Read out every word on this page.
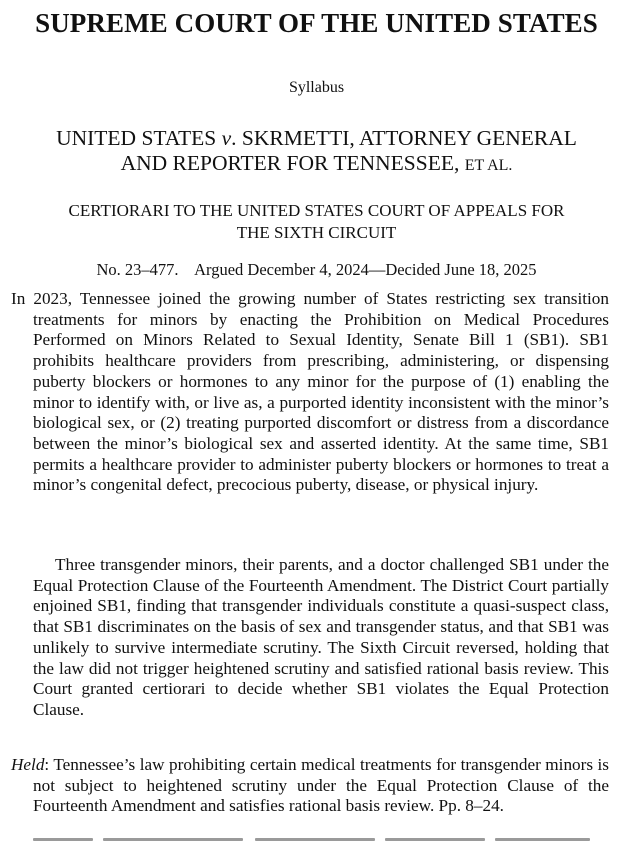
SUPREME COURT OF THE UNITED STATES
Syllabus
UNITED STATES v. SKRMETTI, ATTORNEY GENERAL
AND REPORTER FOR TENNESSEE, ET AL.
CERTIORARI TO THE UNITED STATES COURT OF APPEALS FOR
THE SIXTH CIRCUIT
No. 23–477. Argued December 4, 2024—Decided June 18, 2025
In 2023, Tennessee joined the growing number of States restricting sex transition treatments for minors by enacting the Prohibition on Medical Procedures Performed on Minors Related to Sexual Identity, Senate Bill 1 (SB1). SB1 prohibits healthcare providers from prescribing, administering, or dispensing puberty blockers or hormones to any minor for the purpose of (1) enabling the minor to identify with, or live as, a purported identity inconsistent with the minor’s biological sex, or (2) treating purported discomfort or distress from a discordance between the minor’s biological sex and asserted identity. At the same time, SB1 permits a healthcare provider to administer puberty blockers or hormones to treat a minor’s congenital defect, precocious puberty, disease, or physical injury.
Three transgender minors, their parents, and a doctor challenged SB1 under the Equal Protection Clause of the Fourteenth Amendment. The District Court partially enjoined SB1, finding that transgender individuals constitute a quasi-suspect class, that SB1 discriminates on the basis of sex and transgender status, and that SB1 was unlikely to survive intermediate scrutiny. The Sixth Circuit reversed, holding that the law did not trigger heightened scrutiny and satisfied rational basis review. This Court granted certiorari to decide whether SB1 violates the Equal Protection Clause.
Held: Tennessee’s law prohibiting certain medical treatments for transgender minors is not subject to heightened scrutiny under the Equal Protection Clause of the Fourteenth Amendment and satisfies rational basis review. Pp. 8–24.
